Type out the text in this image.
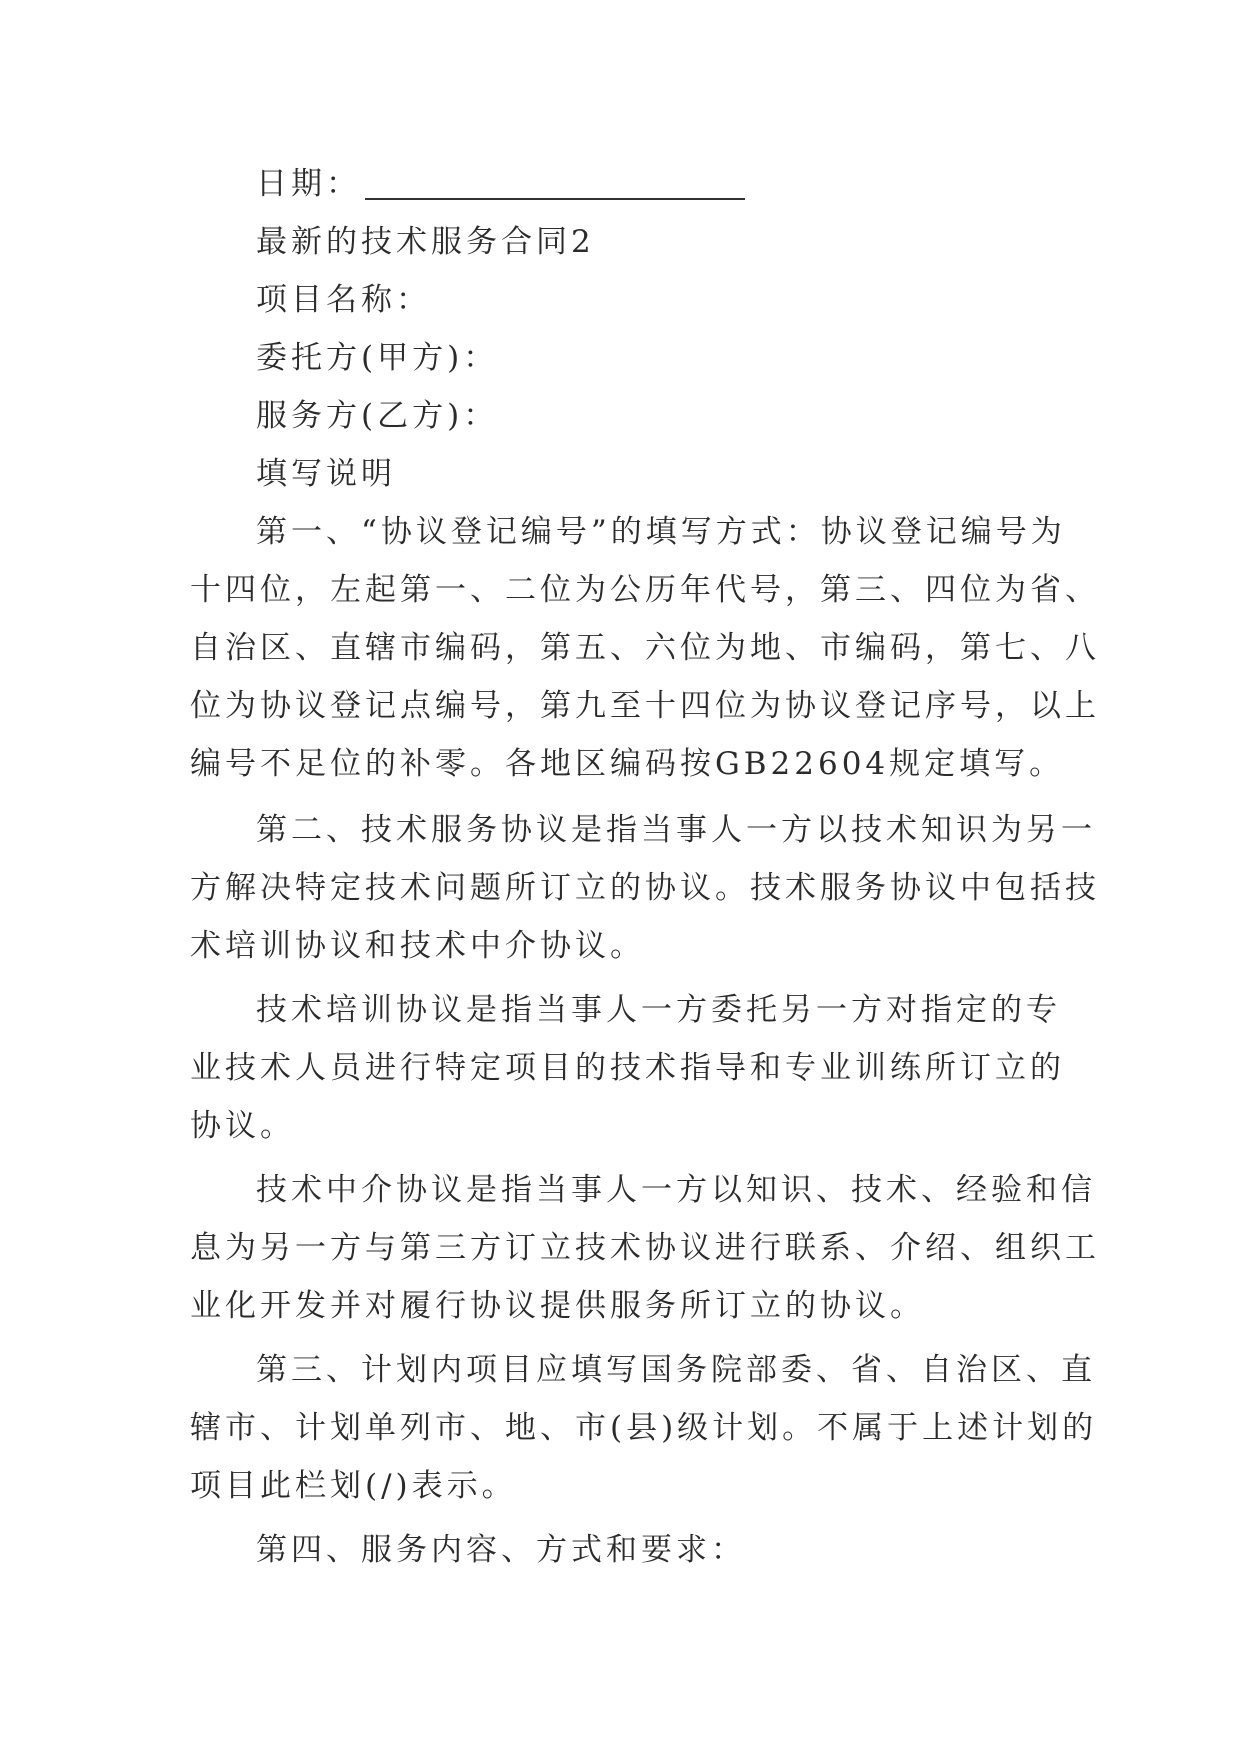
日期：
最新的技术服务合同2
项目名称：
委托方(甲方)：
服务方(乙方)：
填写说明
第一、“协议登记编号”的填写方式：协议登记编号为
十四位，左起第一、二位为公历年代号，第三、四位为省、
自治区、直辖市编码，第五、六位为地、市编码，第七、八
位为协议登记点编号，第九至十四位为协议登记序号，以上
编号不足位的补零。各地区编码按GB22604规定填写。
第二、技术服务协议是指当事人一方以技术知识为另一
方解决特定技术问题所订立的协议。技术服务协议中包括技
术培训协议和技术中介协议。
技术培训协议是指当事人一方委托另一方对指定的专
业技术人员进行特定项目的技术指导和专业训练所订立的
协议。
技术中介协议是指当事人一方以知识、技术、经验和信
息为另一方与第三方订立技术协议进行联系、介绍、组织工
业化开发并对履行协议提供服务所订立的协议。
第三、计划内项目应填写国务院部委、省、自治区、直
辖市、计划单列市、地、市(县)级计划。不属于上述计划的
项目此栏划(/)表示。
第四、服务内容、方式和要求：
